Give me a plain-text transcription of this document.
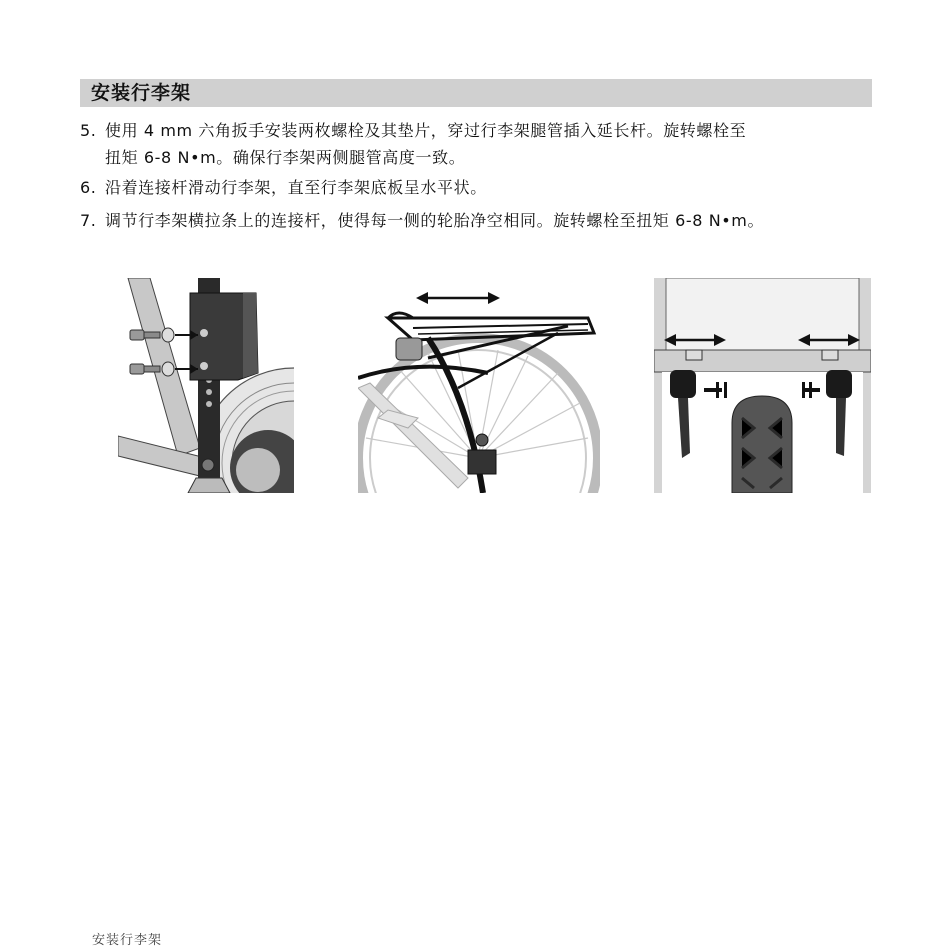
安装行李架
5. 使用 4 mm 六角扳手安装两枚螺栓及其垫片，穿过行李架腿管插入延长杆。旋转螺栓至
扭矩 6-8 N•m。确保行李架两侧腿管高度一致。
6. 沿着连接杆滑动行李架，直至行李架底板呈水平状。
7. 调节行李架横拉条上的连接杆，使得每一侧的轮胎净空相同。旋转螺栓至扭矩 6-8 N•m。
安装行李架
